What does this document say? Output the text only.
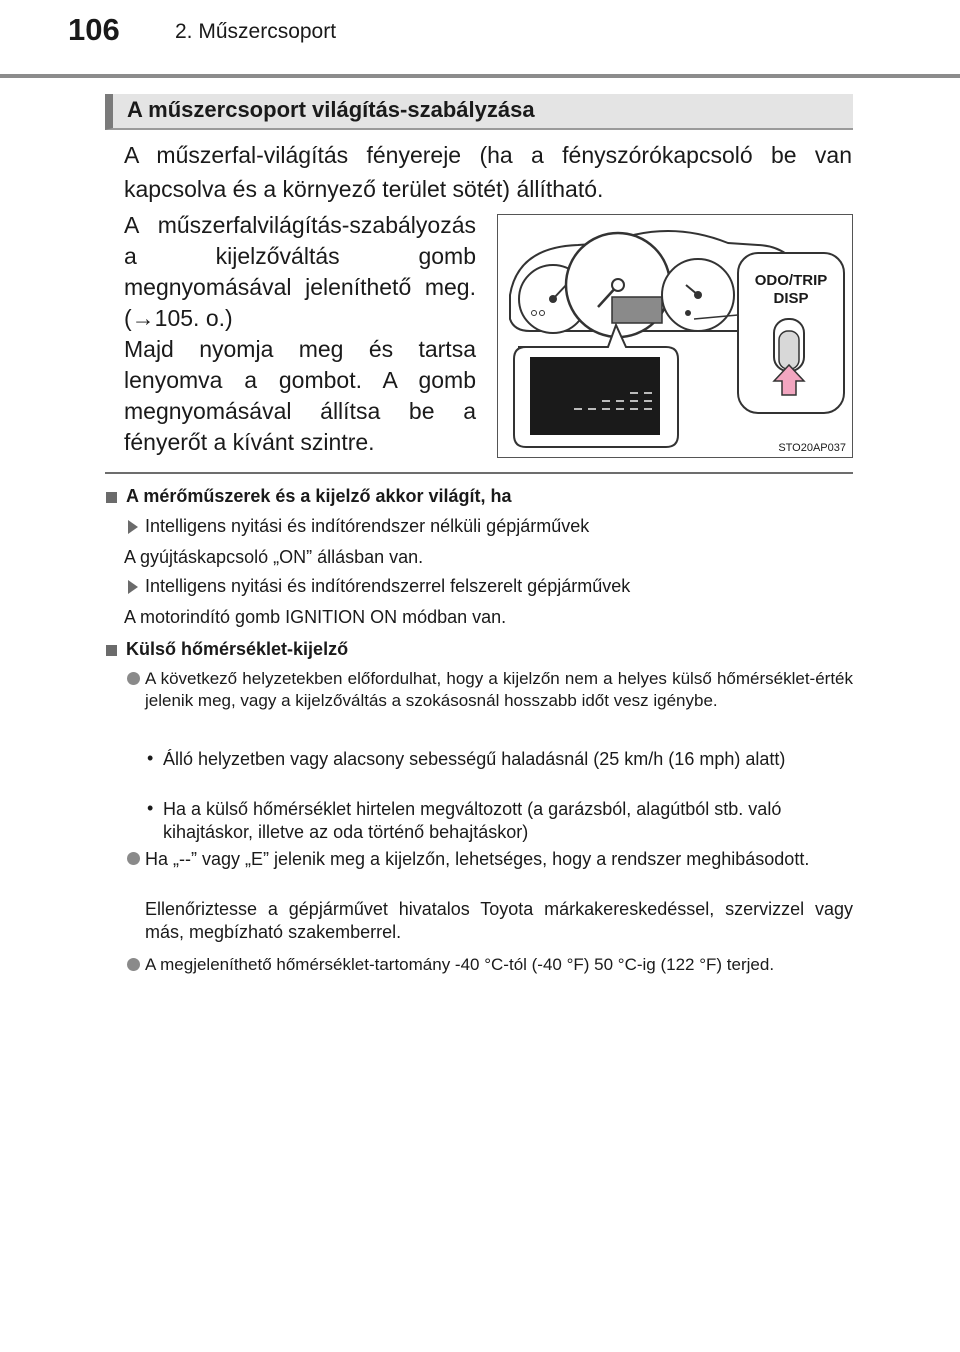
106	2. Műszercsoport
A műszercsoport világítás-szabályzása
A műszerfal-világítás fényereje (ha a fényszórókapcsoló be van kapcsolva és a környező terület sötét) állítható.

A műszerfalvilágítás-szabályozás a kijelzőváltás gomb megnyomásával jeleníthető meg. (→105. o.)

Majd nyomja meg és tartsa lenyomva a gombot. A gomb megnyomásával állítsa be a fényerőt a kívánt szintre.

ODO/TRIP
DISP
STO20AP037
A mérőműszerek és a kijelző akkor világít, ha
Intelligens nyitási és indítórendszer nélküli gépjárművek
A gyújtáskapcsoló „ON” állásban van.
Intelligens nyitási és indítórendszerrel felszerelt gépjárművek
A motorindító gomb IGNITION ON módban van.
Külső hőmérséklet-kijelző
A következő helyzetekben előfordulhat, hogy a kijelzőn nem a helyes külső hőmérséklet-érték jelenik meg, vagy a kijelzőváltás a szokásosnál hosszabb időt vesz igénybe.
• Álló helyzetben vagy alacsony sebességű haladásnál (25 km/h (16 mph) alatt)
• Ha a külső hőmérséklet hirtelen megváltozott (a garázsból, alagútból stb. való kihajtáskor, illetve az oda történő behajtáskor)
Ha „--” vagy „E” jelenik meg a kijelzőn, lehetséges, hogy a rendszer meghibásodott.
Ellenőriztesse a gépjárművet hivatalos Toyota márkakereskedéssel, szervizzel vagy más, megbízható szakemberrel.
A megjeleníthető hőmérséklet-tartomány -40 °C-tól (-40 °F) 50 °C-ig (122 °F) terjed.
